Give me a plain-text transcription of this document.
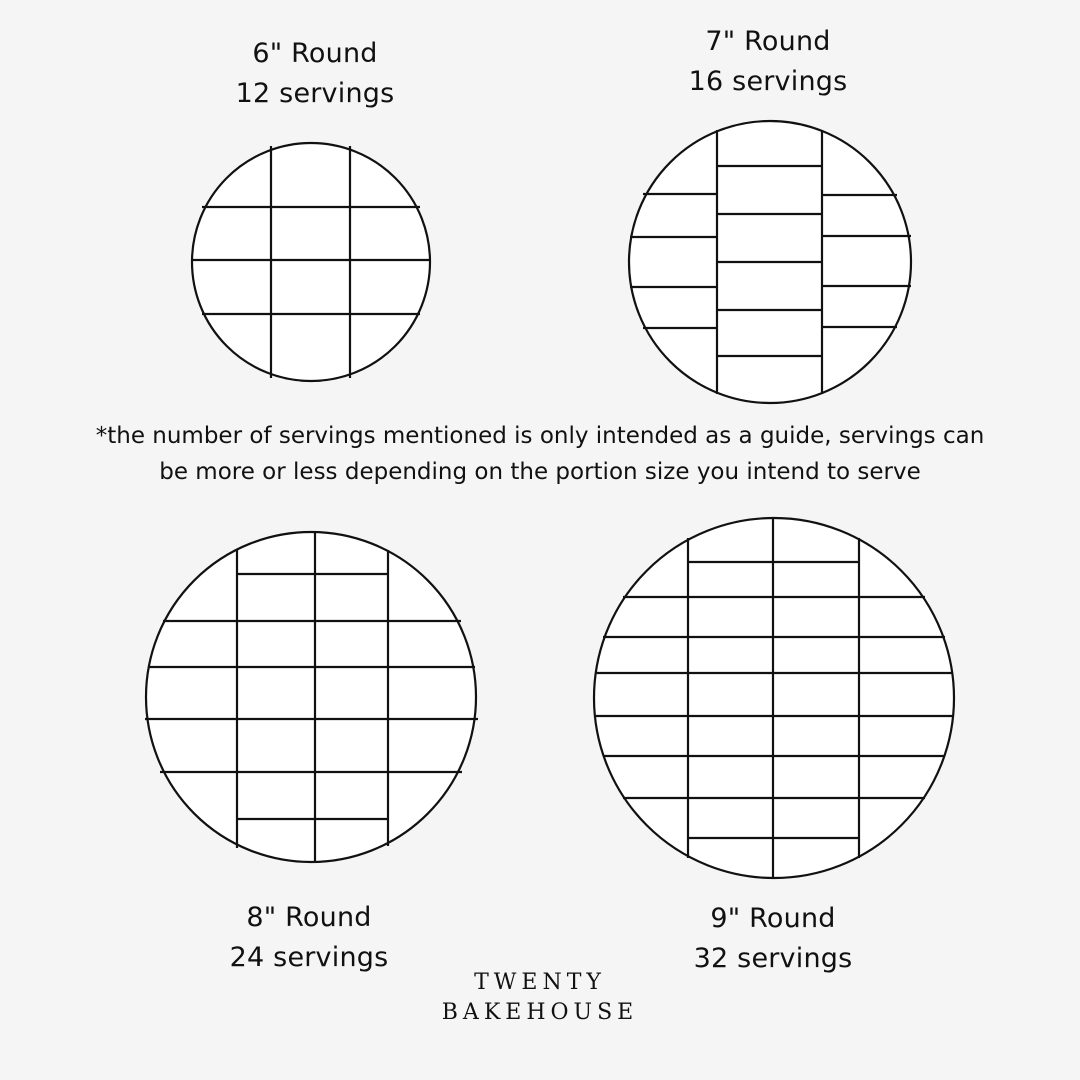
6" Round
12 servings
7" Round
16 servings
*the number of servings mentioned is only intended as a guide, servings can
be more or less depending on the portion size you intend to serve
8" Round
24 servings
9" Round
32 servings
TWENTY
BAKEHOUSE
